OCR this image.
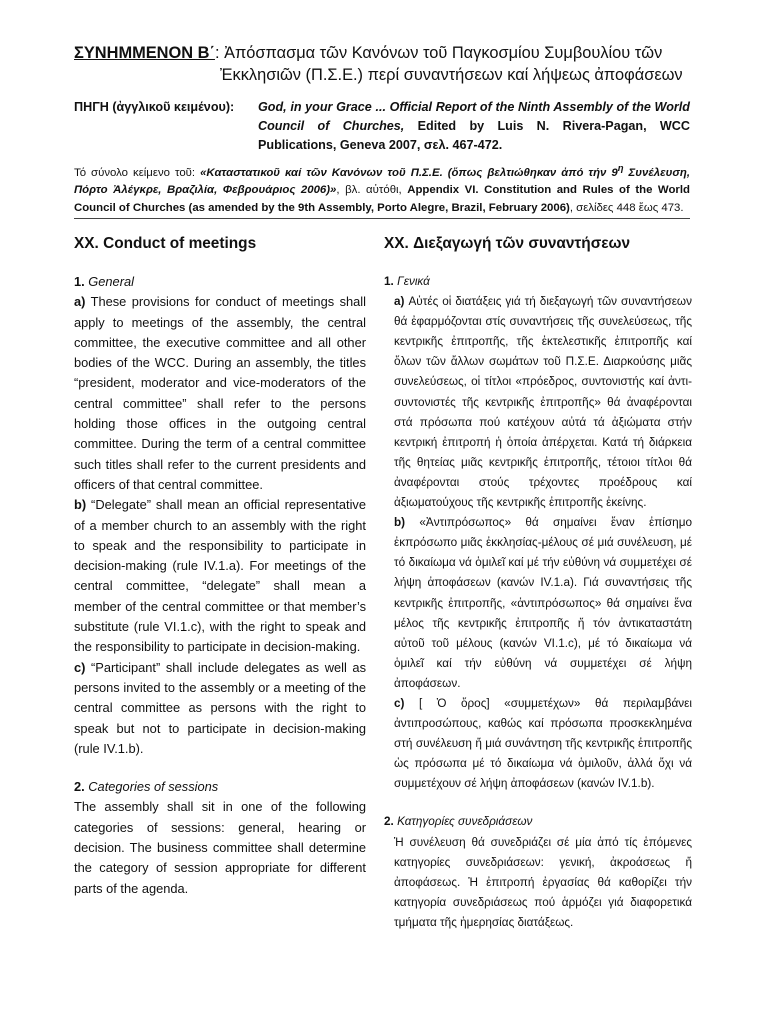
ΣΥΝΗΜΜΕΝΟΝ Β΄: Ἀπόσπασμα τῶν Κανόνων τοῦ Παγκοσμίου Συμβουλίου τῶν
Ἐκκλησιῶν (Π.Σ.Ε.) περί συναντήσεων καί λήψεως ἀποφάσεων
ΠΗΓΗ (ἀγγλικοῦ κειμένου):	God, in your Grace ... Official Report of the Ninth Assembly of the World Council of Churches, Edited by Luis N. Rivera-Pagan, WCC Publications, Geneva 2007, σελ. 467-472.
Τό σύνολο κείμενο τοῦ: «Καταστατικοῦ καί τῶν Κανόνων τοῦ Π.Σ.Ε. (ὅπως βελτιώθηκαν ἀπό τήν $9^\eta$ Συνέλευση, Πόρτο Ἀλέγκρε, Βραζιλία, Φεβρουάριος 2006)», βλ. αὐτόθι, Appendix VI. Constitution and Rules of the World Council of Churches (as amended by the 9th Assembly, Porto Alegre, Brazil, February 2006), σελίδες 448 ἕως 473.
XX. Conduct of meetings

1. General

a) These provisions for conduct of meetings shall apply to meetings of the assembly, the central committee, the executive committee and all other bodies of the WCC. During an assembly, the titles “president, moderator and vice-moderators of the central committee” shall refer to the persons holding those offices in the outgoing central committee. During the term of a central committee such titles shall refer to the current presidents and officers of that central committee.

b) “Delegate” shall mean an official representative of a member church to an assembly with the right to speak and the responsibility to participate in decision-making (rule IV.1.a). For meetings of the central committee, “delegate” shall mean a member of the central committee or that member’s substitute (rule VI.1.c), with the right to speak and the responsibility to participate in decision-making.

c) “Participant” shall include delegates as well as persons invited to the assembly or a meeting of the central committee as persons with the right to speak but not to participate in decision-making (rule IV.1.b).

2. Categories of sessions

The assembly shall sit in one of the following categories of sessions: general, hearing or decision. The business committee shall determine the category of session appropriate for different parts of the agenda.

XX. Διεξαγωγή τῶν συναντήσεων

1. Γενικά

a) Αὐτές οἱ διατάξεις γιά τή διεξαγωγή τῶν συναντήσεων θά ἐφαρμόζονται στίς συναντήσεις τῆς συνελεύσεως, τῆς κεντρικῆς ἐπιτροπῆς, τῆς ἐκτελεστικῆς ἐπιτροπῆς καί ὅλων τῶν ἄλλων σωμάτων τοῦ Π.Σ.Ε. Διαρκούσης μιᾶς συνελεύσεως, οἱ τίτλοι «πρόεδρος, συντονιστής καί ἀντι-συντονιστές τῆς κεντρικῆς ἐπιτροπῆς» θά ἀναφέρονται στά πρόσωπα πού κατέχουν αὐτά τά ἀξιώματα στήν κεντρική ἐπιτροπή ἡ ὁποία ἀπέρχεται. Κατά τή διάρκεια τῆς θητείας μιᾶς κεντρικῆς ἐπιτροπῆς, τέτοιοι τίτλοι θά ἀναφέρονται στούς τρέχοντες προέδρους καί ἀξιωματούχους τῆς κεντρικῆς ἐπιτροπῆς ἐκείνης.

b) «Ἀντιπρόσωπος» θά σημαίνει ἕναν ἐπίσημο ἐκπρόσωπο μιᾶς ἐκκλησίας-μέλους σέ μιά συνέλευση, μέ τό δικαίωμα νά ὁμιλεῖ καί μέ τήν εὐθύνη νά συμμετέχει σέ λήψη ἀποφάσεων (κανών IV.1.a). Γιά συναντήσεις τῆς κεντρικῆς ἐπιτροπῆς, «ἀντιπρόσωπος» θά σημαίνει ἕνα μέλος τῆς κεντρικῆς ἐπιτροπῆς ἤ τόν ἀντικαταστάτη αὐτοῦ τοῦ μέλους (κανών VI.1.c), μέ τό δικαίωμα νά ὁμιλεῖ καί τήν εὐθύνη νά συμμετέχει σέ λήψη ἀποφάσεων.

c) [ Ὁ ὅρος] «συμμετέχων» θά περιλαμβάνει ἀντιπροσώπους, καθώς καί πρόσωπα προσκεκλημένα στή συνέλευση ἤ μιά συνάντηση τῆς κεντρικῆς ἐπιτροπῆς ὡς πρόσωπα μέ τό δικαίωμα νά ὁμιλοῦν, ἀλλά ὄχι νά συμμετέχουν σέ λήψη ἀποφάσεων (κανών IV.1.b).

2. Κατηγορίες συνεδριάσεων

Ἡ συνέλευση θά συνεδριάζει σέ μία ἀπό τίς ἑπόμενες κατηγορίες συνεδριάσεων: γενική, ἀκροάσεως ἤ ἀποφάσεως. Ἡ ἐπιτροπή ἐργασίας θά καθορίζει τήν κατηγορία συνεδριάσεως πού ἁρμόζει γιά διαφορετικά τμήματα τῆς ἡμερησίας διατάξεως.
